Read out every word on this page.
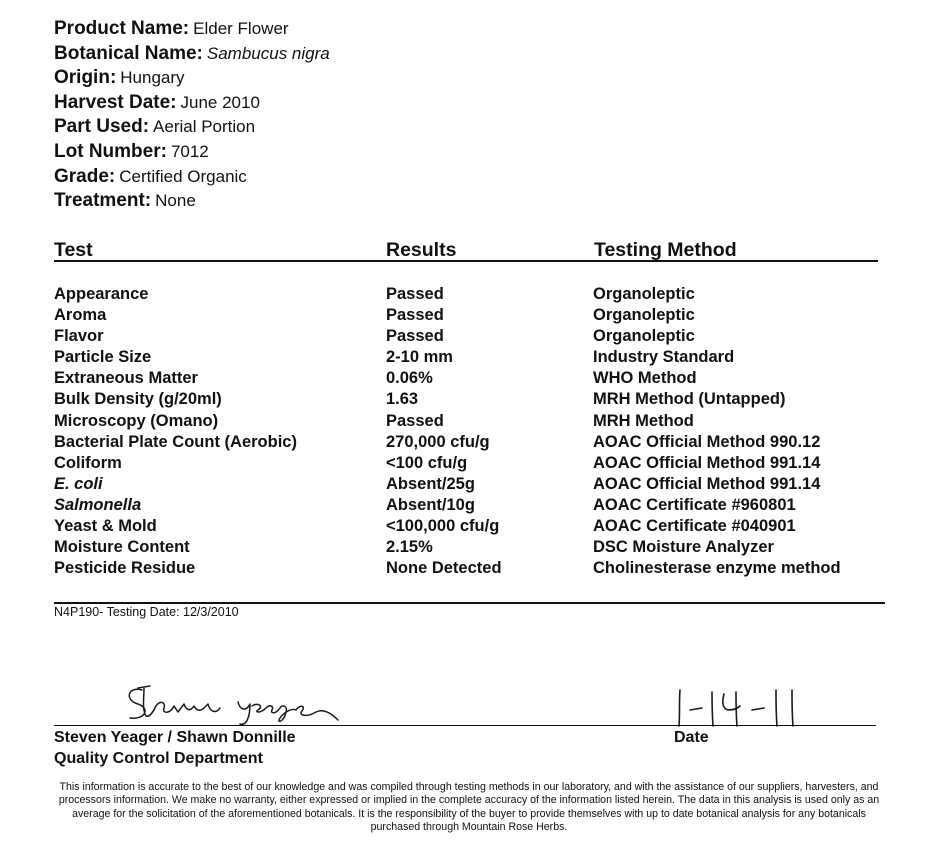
Product Name: Elder Flower
Botanical Name: Sambucus nigra
Origin: Hungary
Harvest Date: June 2010
Part Used: Aerial Portion
Lot Number: 7012
Grade: Certified Organic
Treatment: None
Test	Results	Testing Method
Appearance	Passed	Organoleptic
Aroma	Passed	Organoleptic
Flavor	Passed	Organoleptic
Particle Size	2-10 mm	Industry Standard
Extraneous Matter	0.06%	WHO Method
Bulk Density (g/20ml)	1.63	MRH Method (Untapped)
Microscopy (Omano)	Passed	MRH Method
Bacterial Plate Count (Aerobic)	270,000 cfu/g	AOAC Official Method 990.12
Coliform	<100 cfu/g	AOAC Official Method 991.14
E. coli	Absent/25g	AOAC Official Method 991.14
Salmonella	Absent/10g	AOAC Certificate #960801
Yeast & Mold	<100,000 cfu/g	AOAC Certificate #040901
Moisture Content	2.15%	DSC Moisture Analyzer
Pesticide Residue	None Detected	Cholinesterase enzyme method
N4P190- Testing Date: 12/3/2010
Steven Yeager / Shawn Donnille
Quality Control Department
Date
This information is accurate to the best of our knowledge and was compiled through testing methods in our laboratory, and with the assistance of our suppliers, harvesters, and processors information. We make no warranty, either expressed or implied in the complete accuracy of the information listed herein. The data in this analysis is used only as an average for the solicitation of the aforementioned botanicals. It is the responsibility of the buyer to provide themselves with up to date botanical analysis for any botanicals purchased through Mountain Rose Herbs.
